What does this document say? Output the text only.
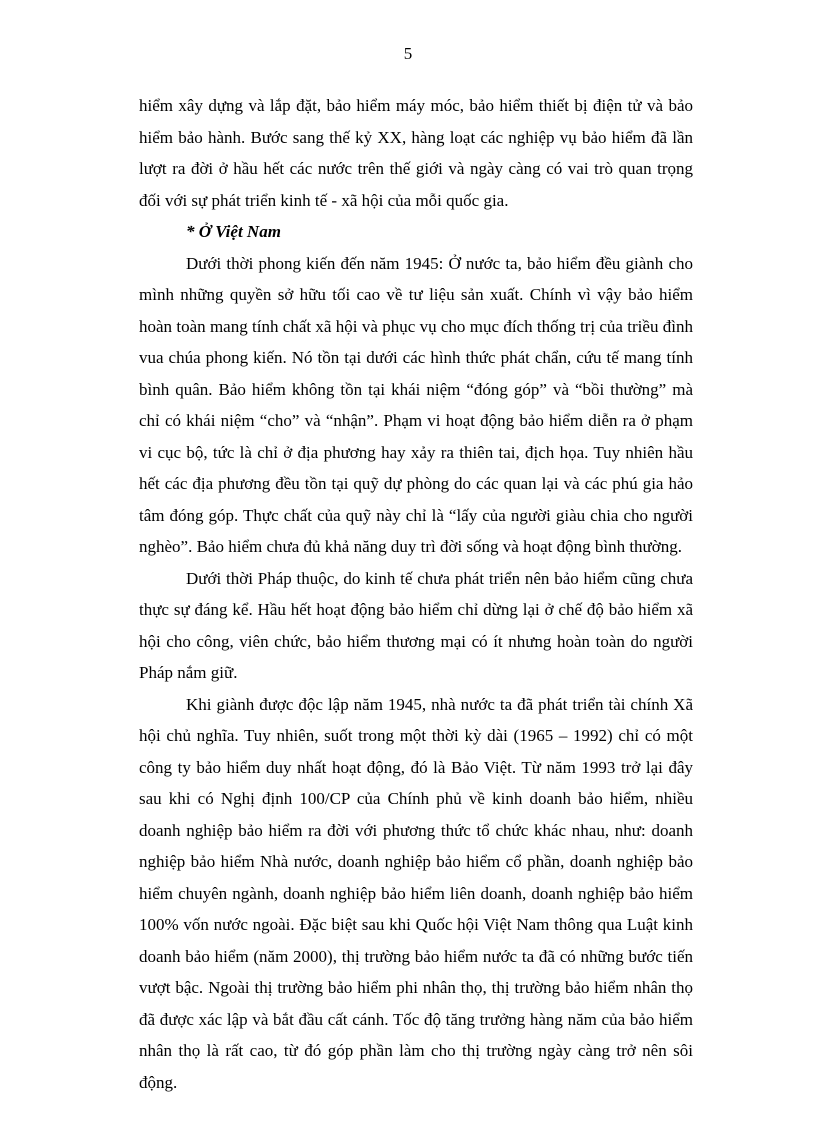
5

hiểm xây dựng và lắp đặt, bảo hiểm máy móc, bảo hiểm thiết bị điện tử và bảo hiểm bảo hành. Bước sang thế kỷ XX, hàng loạt các nghiệp vụ bảo hiểm đã lần lượt ra đời ở hầu hết các nước trên thế giới và ngày càng có vai trò quan trọng đối với sự phát triển kinh tế - xã hội của mỗi quốc gia.

* Ở Việt Nam

Dưới thời phong kiến đến năm 1945: Ở nước ta, bảo hiểm đều giành cho mình những quyền sở hữu tối cao về tư liệu sản xuất. Chính vì vậy bảo hiểm hoàn toàn mang tính chất xã hội và phục vụ cho mục đích thống trị của triều đình vua chúa phong kiến. Nó tồn tại dưới các hình thức phát chẩn, cứu tế mang tính bình quân. Bảo hiểm không tồn tại khái niệm “đóng góp” và “bồi thường” mà chỉ có khái niệm “cho” và “nhận”. Phạm vi hoạt động bảo hiểm diễn ra ở phạm vi cục bộ, tức là chỉ ở địa phương hay xảy ra thiên tai, địch họa. Tuy nhiên hầu hết các địa phương đều tồn tại quỹ dự phòng do các quan lại và các phú gia hảo tâm đóng góp. Thực chất của quỹ này chỉ là “lấy của người giàu chia cho người nghèo”. Bảo hiểm chưa đủ khả năng duy trì đời sống và hoạt động bình thường.

Dưới thời Pháp thuộc, do kinh tế chưa phát triển nên bảo hiểm cũng chưa thực sự đáng kể. Hầu hết hoạt động bảo hiểm chỉ dừng lại ở chế độ bảo hiểm xã hội cho công, viên chức, bảo hiểm thương mại có ít nhưng hoàn toàn do người Pháp nắm giữ.

Khi giành được độc lập năm 1945, nhà nước ta đã phát triển tài chính Xã hội chủ nghĩa. Tuy nhiên, suốt trong một thời kỳ dài (1965 – 1992) chỉ có một công ty bảo hiểm duy nhất hoạt động, đó là Bảo Việt. Từ năm 1993 trở lại đây sau khi có Nghị định 100/CP của Chính phủ về kinh doanh bảo hiểm, nhiều doanh nghiệp bảo hiểm ra đời với phương thức tổ chức khác nhau, như: doanh nghiệp bảo hiểm Nhà nước, doanh nghiệp bảo hiểm cổ phần, doanh nghiệp bảo hiểm chuyên ngành, doanh nghiệp bảo hiểm liên doanh, doanh nghiệp bảo hiểm 100% vốn nước ngoài. Đặc biệt sau khi Quốc hội Việt Nam thông qua Luật kinh doanh bảo hiểm (năm 2000), thị trường bảo hiểm nước ta đã có những bước tiến vượt bậc. Ngoài thị trường bảo hiểm phi nhân thọ, thị trường bảo hiểm nhân thọ đã được xác lập và bắt đầu cất cánh. Tốc độ tăng trưởng hàng năm của bảo hiểm nhân thọ là rất cao, từ đó góp phần làm cho thị trường ngày càng trở nên sôi động.
